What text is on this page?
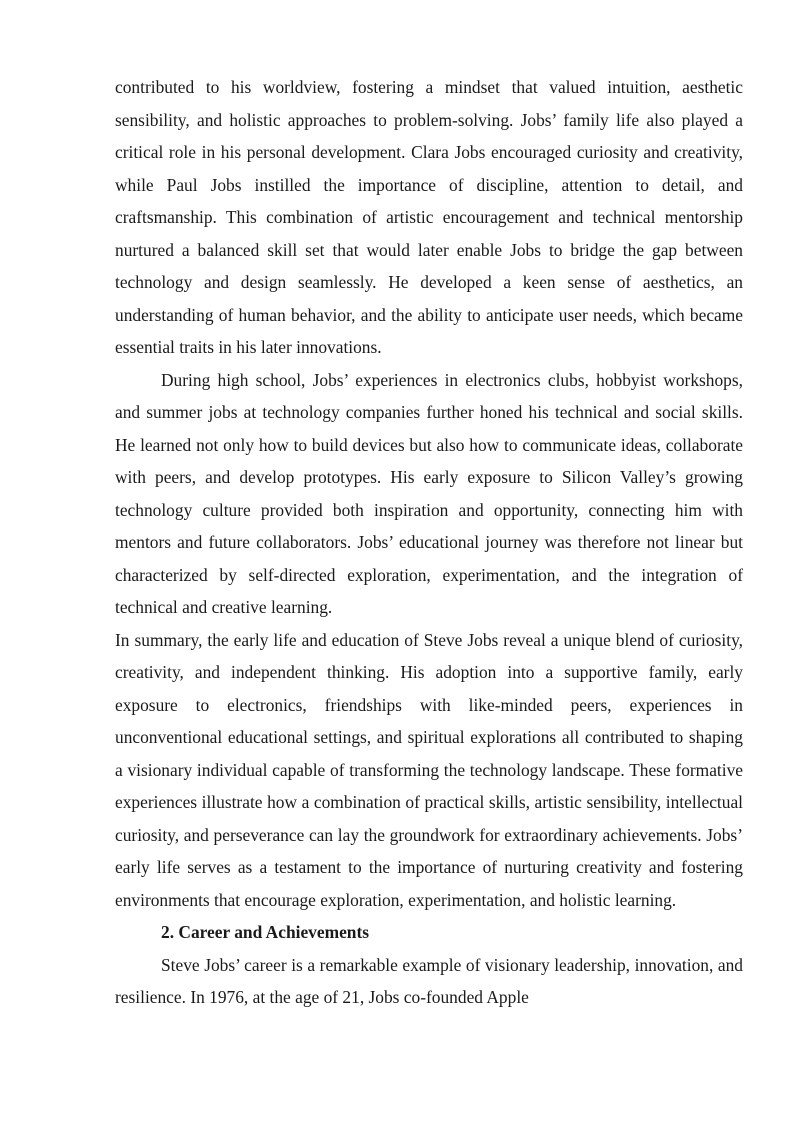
contributed to his worldview, fostering a mindset that valued intuition, aesthetic sensibility, and holistic approaches to problem-solving. Jobs’ family life also played a critical role in his personal development. Clara Jobs encouraged curiosity and creativity, while Paul Jobs instilled the importance of discipline, attention to detail, and craftsmanship. This combination of artistic encouragement and technical mentorship nurtured a balanced skill set that would later enable Jobs to bridge the gap between technology and design seamlessly. He developed a keen sense of aesthetics, an understanding of human behavior, and the ability to anticipate user needs, which became essential traits in his later innovations.

During high school, Jobs’ experiences in electronics clubs, hobbyist workshops, and summer jobs at technology companies further honed his technical and social skills. He learned not only how to build devices but also how to communicate ideas, collaborate with peers, and develop prototypes. His early exposure to Silicon Valley’s growing technology culture provided both inspiration and opportunity, connecting him with mentors and future collaborators. Jobs’ educational journey was therefore not linear but characterized by self-directed exploration, experimentation, and the integration of technical and creative learning.

In summary, the early life and education of Steve Jobs reveal a unique blend of curiosity, creativity, and independent thinking. His adoption into a supportive family, early exposure to electronics, friendships with like-minded peers, experiences in unconventional educational settings, and spiritual explorations all contributed to shaping a visionary individual capable of transforming the technology landscape. These formative experiences illustrate how a combination of practical skills, artistic sensibility, intellectual curiosity, and perseverance can lay the groundwork for extraordinary achievements. Jobs’ early life serves as a testament to the importance of nurturing creativity and fostering environments that encourage exploration, experimentation, and holistic learning.

2. Career and Achievements

Steve Jobs’ career is a remarkable example of visionary leadership, innovation, and resilience. In 1976, at the age of 21, Jobs co-founded Apple
